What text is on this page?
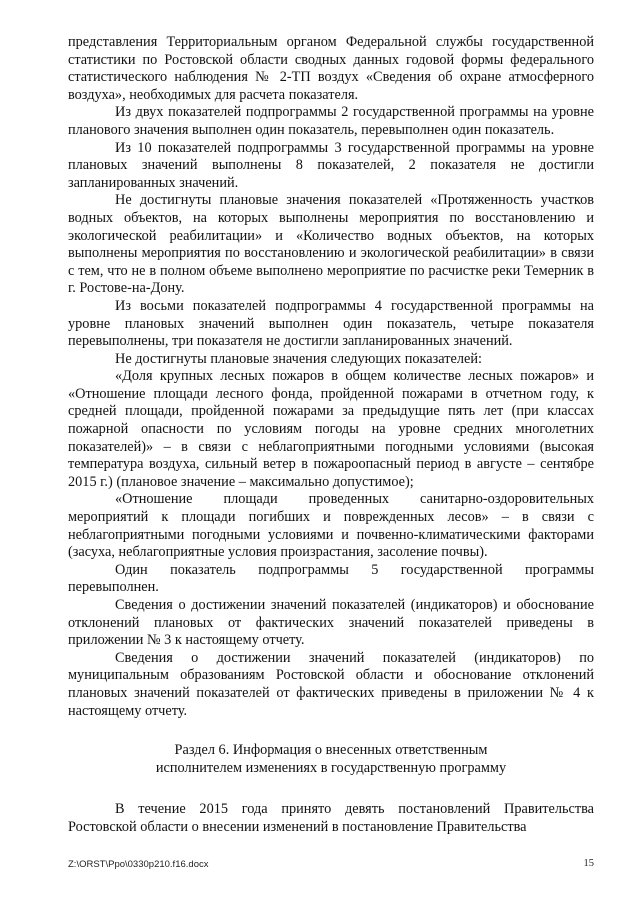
представления Территориальным органом Федеральной службы государственной статистики по Ростовской области сводных данных годовой формы федерального статистического наблюдения № 2-ТП воздух «Сведения об охране атмосферного воздуха», необходимых для расчета показателя.

Из двух показателей подпрограммы 2 государственной программы на уровне планового значения выполнен один показатель, перевыполнен один показатель.

Из 10 показателей подпрограммы 3 государственной программы на уровне плановых значений выполнены 8 показателей, 2 показателя не достигли запланированных значений.

Не достигнуты плановые значения показателей «Протяженность участков водных объектов, на которых выполнены мероприятия по восстановлению и экологической реабилитации» и «Количество водных объектов, на которых выполнены мероприятия по восстановлению и экологической реабилитации» в связи с тем, что не в полном объеме выполнено мероприятие по расчистке реки Темерник в г. Ростове-на-Дону.

Из восьми показателей подпрограммы 4 государственной программы на уровне плановых значений выполнен один показатель, четыре показателя перевыполнены, три показателя не достигли запланированных значений.

Не достигнуты плановые значения следующих показателей:

«Доля крупных лесных пожаров в общем количестве лесных пожаров» и «Отношение площади лесного фонда, пройденной пожарами в отчетном году, к средней площади, пройденной пожарами за предыдущие пять лет (при классах пожарной опасности по условиям погоды на уровне средних многолетних показателей)» – в связи с неблагоприятными погодными условиями (высокая температура воздуха, сильный ветер в пожароопасный период в августе – сентябре 2015 г.) (плановое значение – максимально допустимое);

«Отношение площади проведенных санитарно-оздоровительных мероприятий к площади погибших и поврежденных лесов» – в связи с неблагоприятными погодными условиями и почвенно-климатическими факторами (засуха, неблагоприятные условия произрастания, засоление почвы).

Один показатель подпрограммы 5 государственной программы перевыполнен.

Сведения о достижении значений показателей (индикаторов) и обоснование отклонений плановых от фактических значений показателей приведены в приложении № 3 к настоящему отчету.

Сведения о достижении значений показателей (индикаторов) по муниципальным образованиям Ростовской области и обоснование отклонений плановых значений показателей от фактических приведены в приложении № 4 к настоящему отчету.

Раздел 6. Информация о внесенных ответственным
исполнителем изменениях в государственную программу

В течение 2015 года принято девять постановлений Правительства Ростовской области о внесении изменений в постановление Правительства

Z:\ORST\Ppo\0330p210.f16.docx	15
